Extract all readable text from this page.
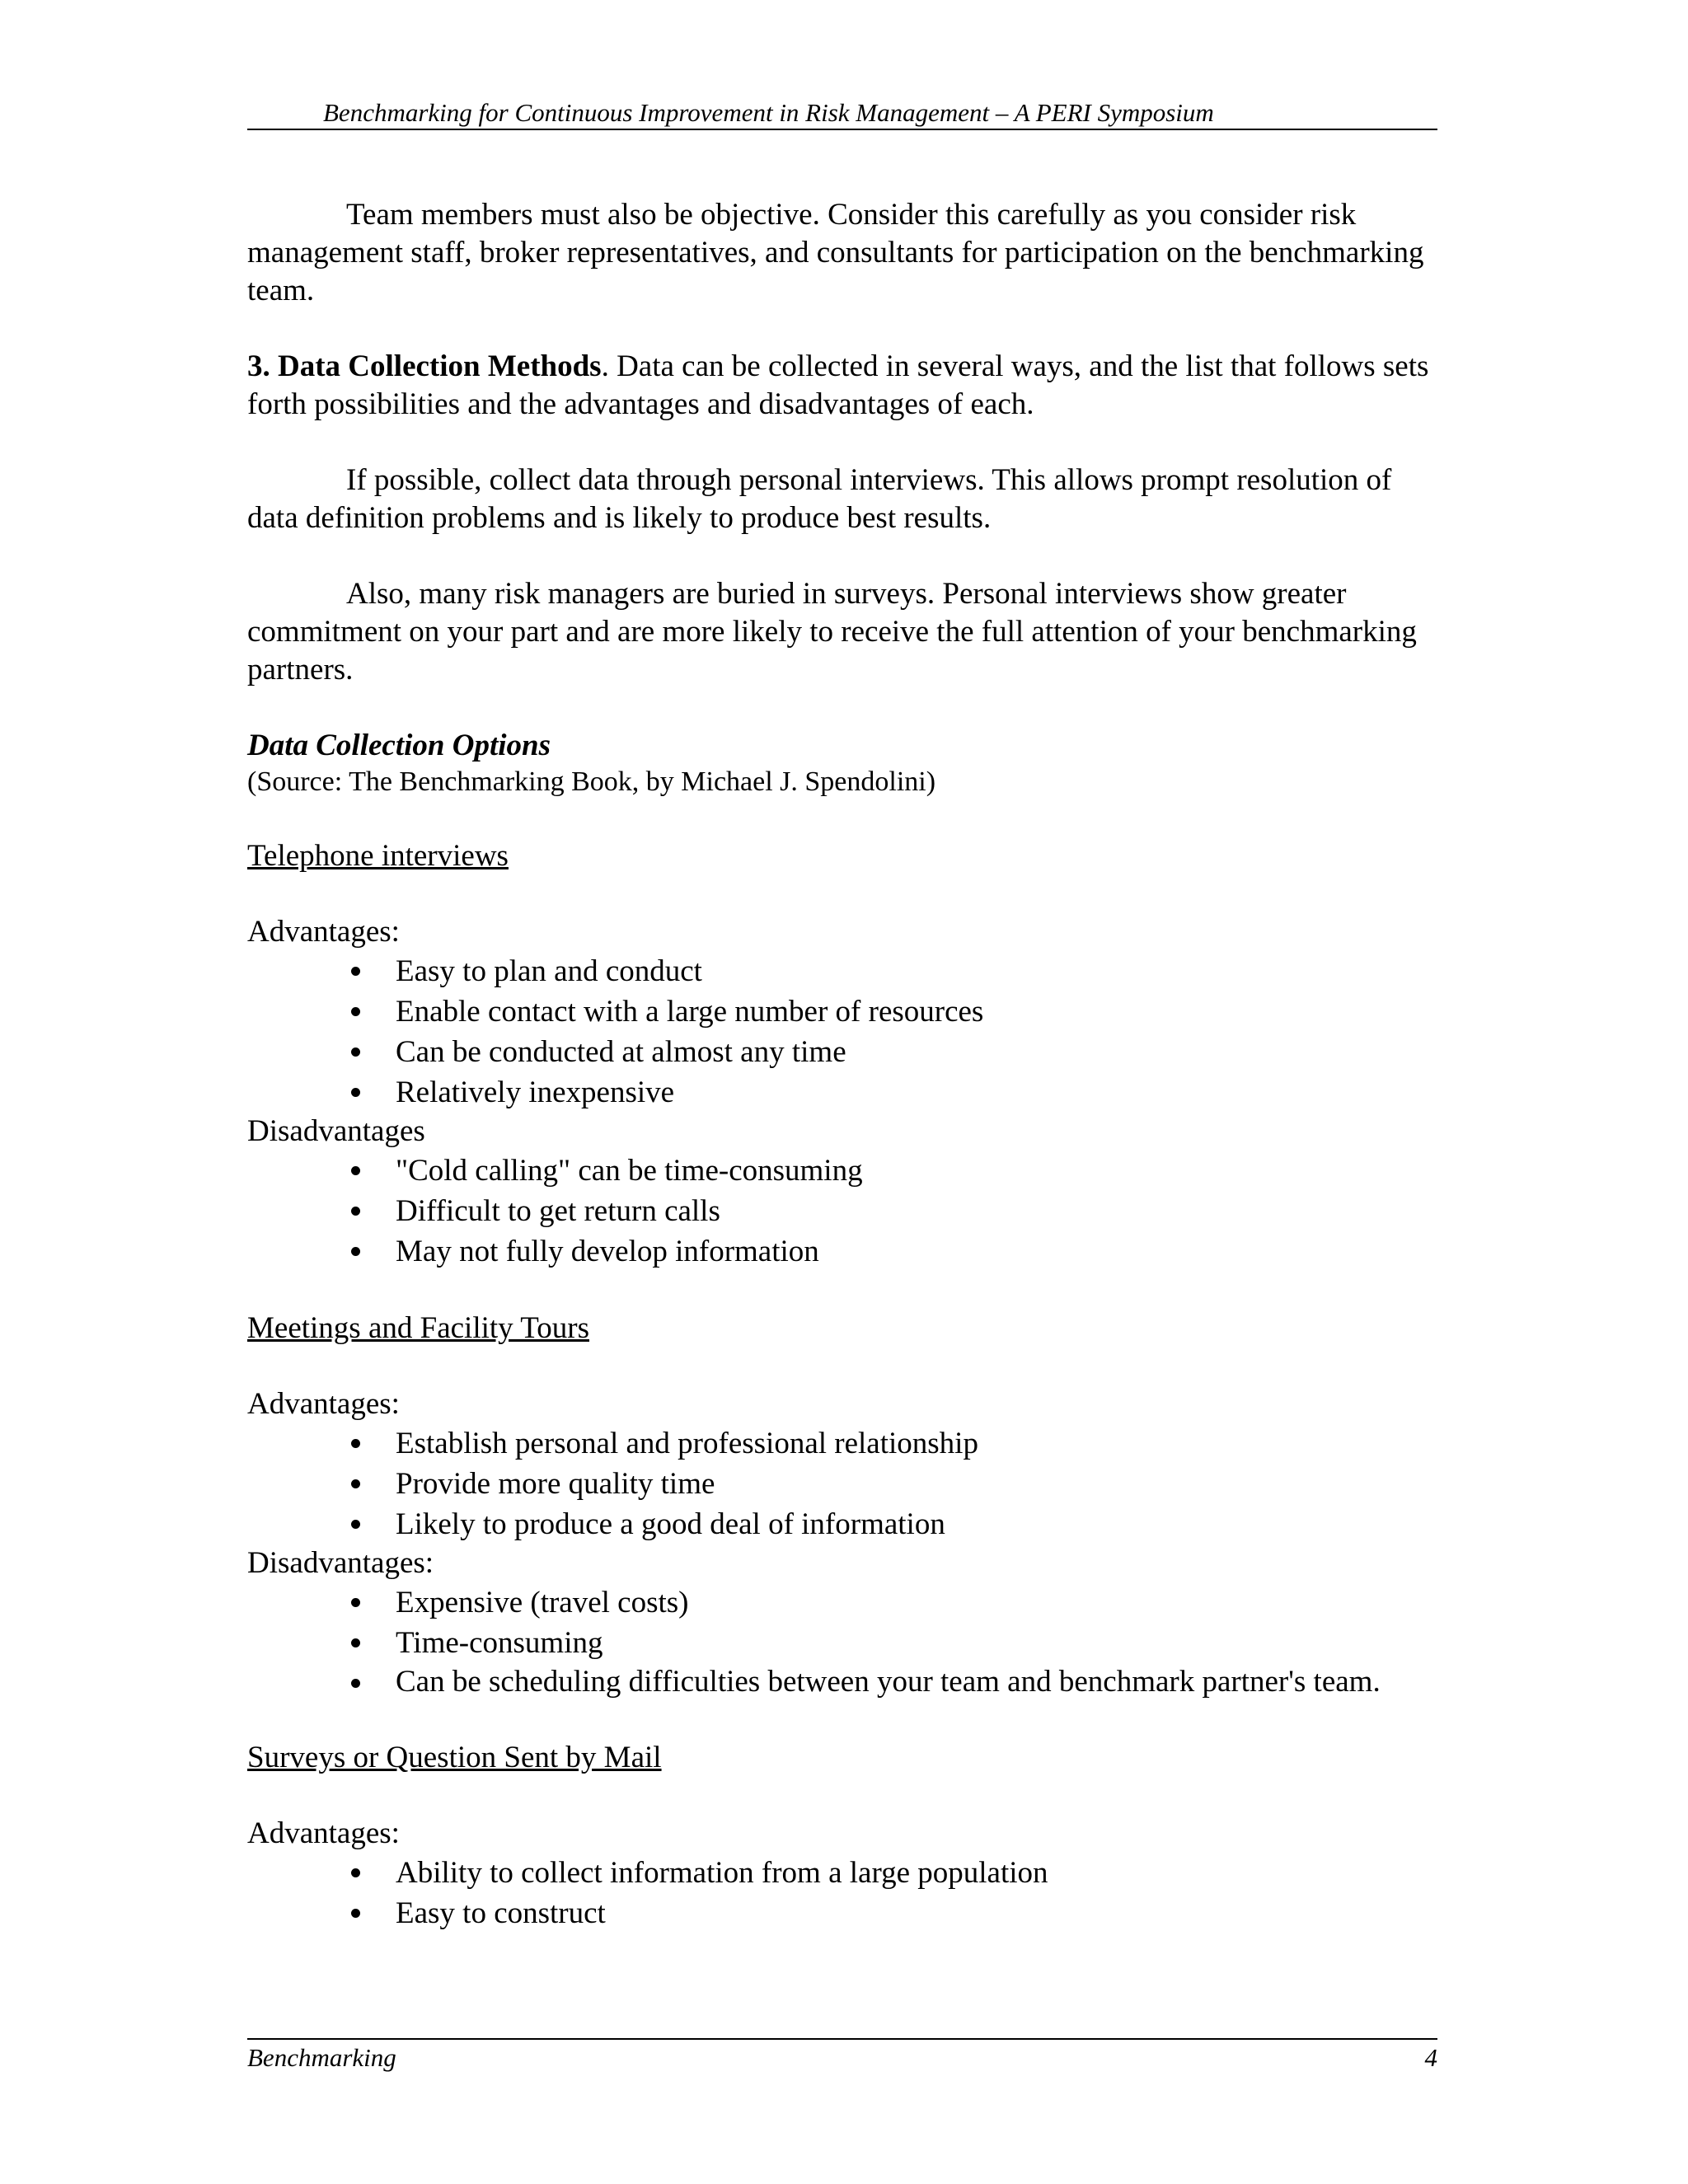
Benchmarking for Continuous Improvement in Risk Management – A PERI Symposium

Team members must also be objective. Consider this carefully as you consider risk management staff, broker representatives, and consultants for participation on the benchmarking team.

3. Data Collection Methods. Data can be collected in several ways, and the list that follows sets forth possibilities and the advantages and disadvantages of each.

If possible, collect data through personal interviews. This allows prompt resolution of data definition problems and is likely to produce best results.

Also, many risk managers are buried in surveys. Personal interviews show greater commitment on your part and are more likely to receive the full attention of your benchmarking partners.

Data Collection Options

(Source: The Benchmarking Book, by Michael J. Spendolini)

Telephone interviews

Advantages:

Easy to plan and conduct
Enable contact with a large number of resources
Can be conducted at almost any time
Relatively inexpensive

Disadvantages

"Cold calling" can be time-consuming
Difficult to get return calls
May not fully develop information

Meetings and Facility Tours

Advantages:

Establish personal and professional relationship
Provide more quality time
Likely to produce a good deal of information

Disadvantages:

Expensive (travel costs)
Time-consuming
Can be scheduling difficulties between your team and benchmark partner's team.

Surveys or Question Sent by Mail

Advantages:

Ability to collect information from a large population
Easy to construct
Benchmarking	4
